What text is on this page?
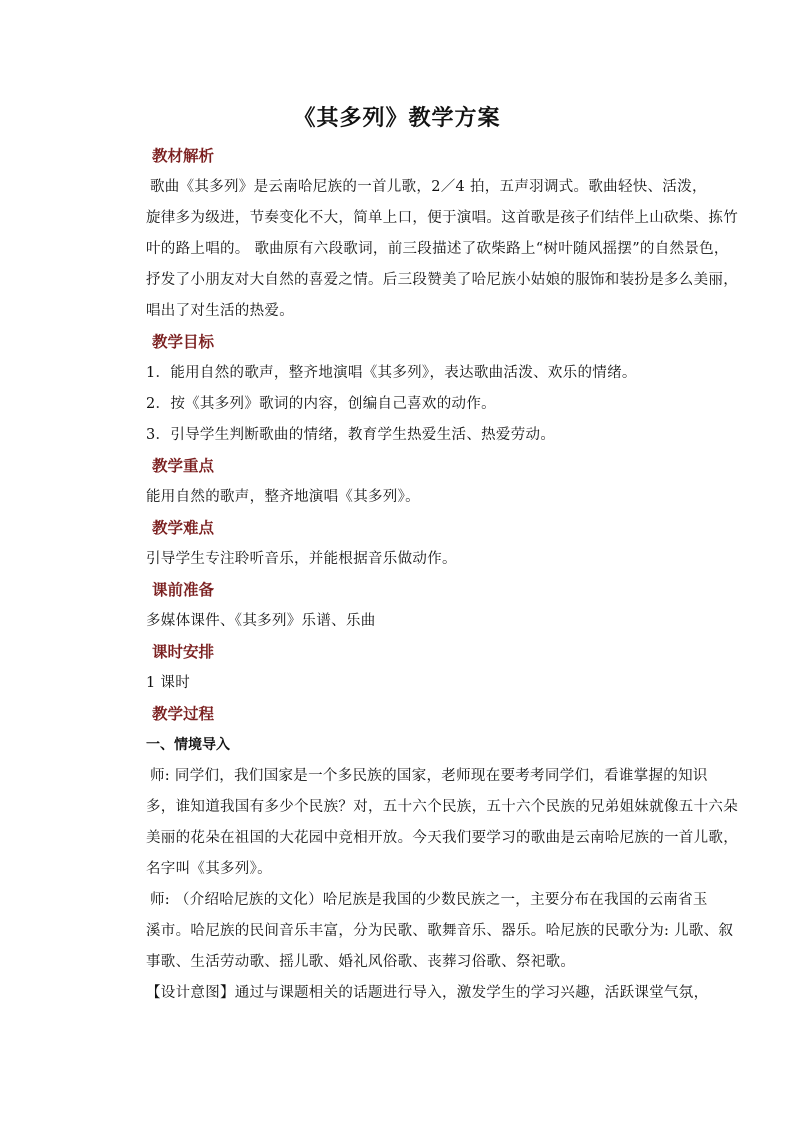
《其多列》教学方案
教材解析
歌曲《其多列》是云南哈尼族的一首儿歌，2／4 拍，五声羽调式。歌曲轻快、活泼，
旋律多为级进，节奏变化不大，简单上口，便于演唱。这首歌是孩子们结伴上山砍柴、拣竹
叶的路上唱的。 歌曲原有六段歌词，前三段描述了砍柴路上“树叶随风摇摆”的自然景色，
抒发了小朋友对大自然的喜爱之情。后三段赞美了哈尼族小姑娘的服饰和装扮是多么美丽，
唱出了对生活的热爱。
教学目标
1．能用自然的歌声，整齐地演唱《其多列》，表达歌曲活泼、欢乐的情绪。
2．按《其多列》歌词的内容，创编自己喜欢的动作。
3．引导学生判断歌曲的情绪，教育学生热爱生活、热爱劳动。
教学重点
能用自然的歌声，整齐地演唱《其多列》。
教学难点
引导学生专注聆听音乐，并能根据音乐做动作。
课前准备
多媒体课件、《其多列》乐谱、乐曲
课时安排
1 课时
教学过程
一、情境导入
师: 同学们，我们国家是一个多民族的国家，老师现在要考考同学们，看谁掌握的知识
多，谁知道我国有多少个民族？对，五十六个民族，五十六个民族的兄弟姐妹就像五十六朵
美丽的花朵在祖国的大花园中竞相开放。今天我们要学习的歌曲是云南哈尼族的一首儿歌，
名字叫《其多列》。
师: （介绍哈尼族的文化）哈尼族是我国的少数民族之一，主要分布在我国的云南省玉
溪市。哈尼族的民间音乐丰富，分为民歌、歌舞音乐、器乐。哈尼族的民歌分为: 儿歌、叙
事歌、生活劳动歌、摇儿歌、婚礼风俗歌、丧葬习俗歌、祭祀歌。
【设计意图】通过与课题相关的话题进行导入，激发学生的学习兴趣，活跃课堂气氛，
